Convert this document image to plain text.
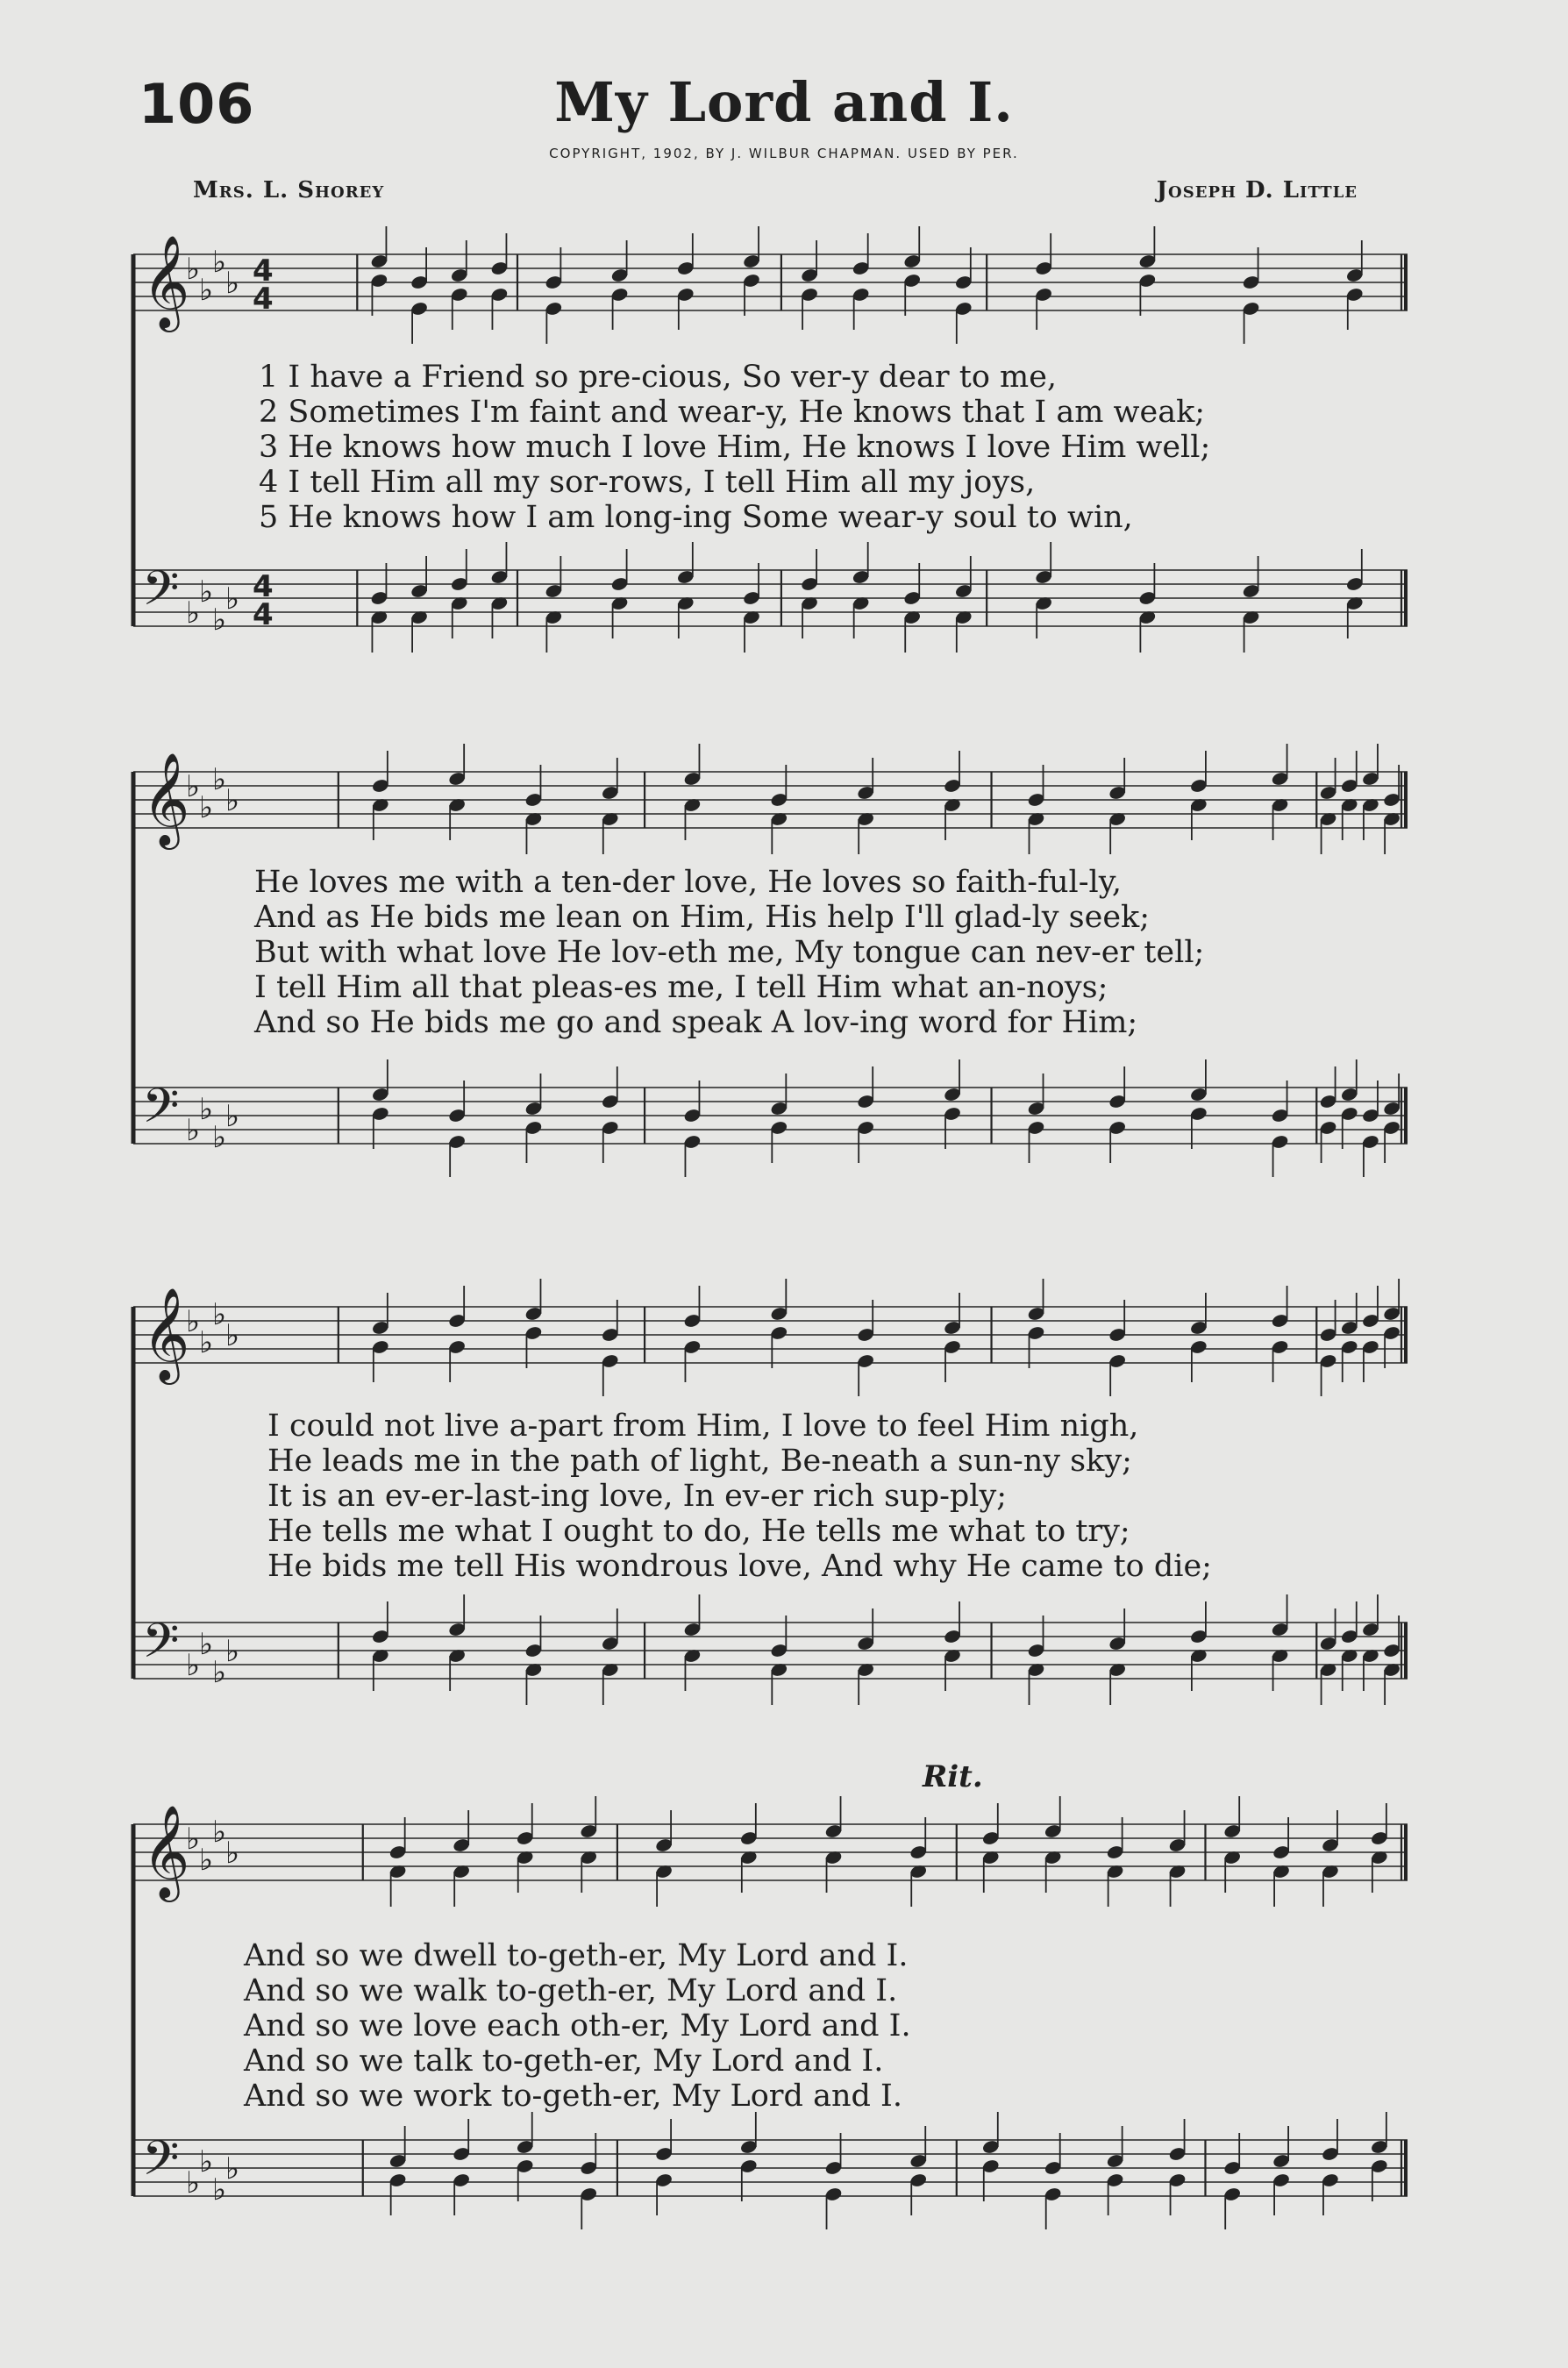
106	My Lord and I.
COPYRIGHT, 1902, BY J. WILBUR CHAPMAN. USED BY PER.
Mrs. L. Shorey	Joseph D. Little
𝄞
♭
♭
♭
♭
𝄢 ♭
♭
♭
♭
4
4
4
4
1 I have a Friend so pre-cious, So ver-y dear to me,
2 Sometimes I'm faint and wear-y, He knows that I am weak;
3 He knows how much I love Him, He knows I love Him well;
4 I tell Him all my sor-rows, I tell Him all my joys,
5 He knows how I am long-ing Some wear-y soul to win,
𝄞
♭
♭
♭
♭
𝄢 ♭
♭
♭
♭
He loves me with a ten-der love, He loves so faith-ful-ly,
And as He bids me lean on Him, His help I'll glad-ly seek;
But with what love He lov-eth me, My tongue can nev-er tell;
I tell Him all that pleas-es me, I tell Him what an-noys;
And so He bids me go and speak A lov-ing word for Him;
𝄞
♭
♭
♭
♭
𝄢 ♭
♭
♭
♭
I could not live a-part from Him, I love to feel Him nigh,
He leads me in the path of light, Be-neath a sun-ny sky;
It is an ev-er-last-ing love, In ev-er rich sup-ply;
He tells me what I ought to do, He tells me what to try;
He bids me tell His wondrous love, And why He came to die;
Rit.
𝄞
♭
♭
♭
♭
𝄢 ♭
♭
♭
♭
And so we dwell to-geth-er, My Lord and I.
And so we walk to-geth-er, My Lord and I.
And so we love each oth-er, My Lord and I.
And so we talk to-geth-er, My Lord and I.
And so we work to-geth-er, My Lord and I.
